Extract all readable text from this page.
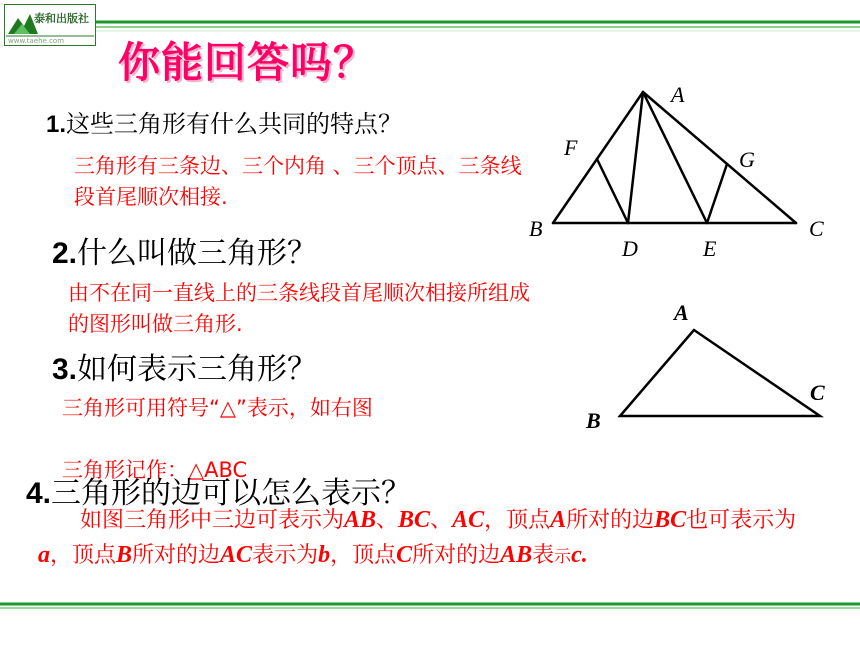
泰和出版社
www.taehe.com 你能回答吗？
1.这些三角形有什么共同的特点？
三角形有三条边、三个内角 、三个顶点、三条线段首尾顺次相接.
2.什么叫做三角形？
由不在同一直线上的三条线段首尾顺次相接所组成的图形叫做三角形.
3.如何表示三角形？
三角形可用符号“△”表示，如右图
三角形记作：△ABC
4.三角形的边可以怎么表示？
如图三角形中三边可表示为AB、BC、AC，顶点A所对的边BC也可表示为a，顶点B所对的边AC表示为b，顶点C所对的边AB表示c.
A
F	G
B	C
D	E
A
B
C
